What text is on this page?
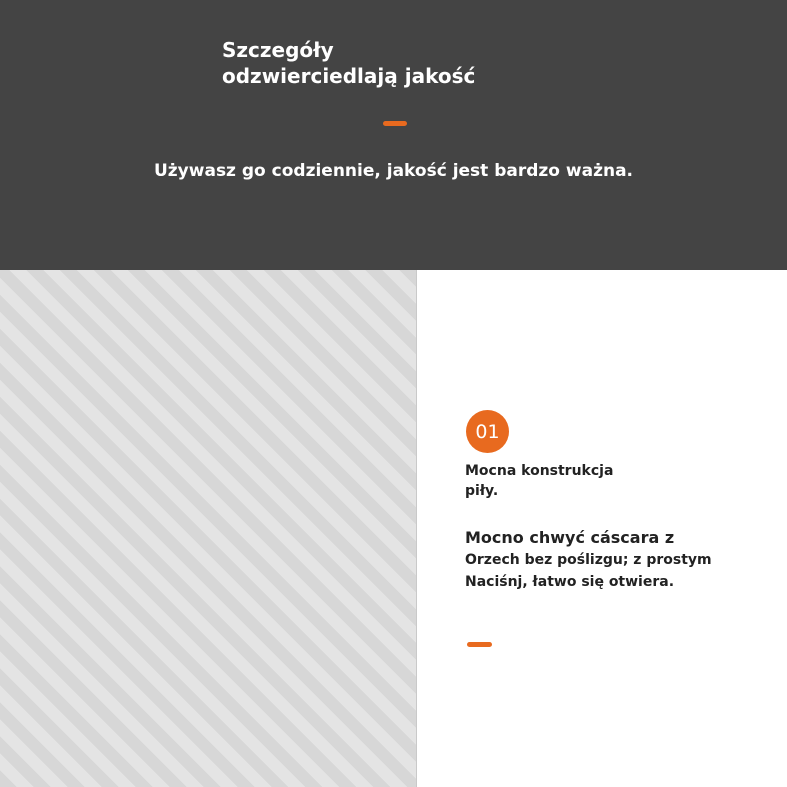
Szczegóły
odzwierciedlają jakość
Używasz go codziennie, jakość jest bardzo ważna.
01
Mocna konstrukcja
piły.
Mocno chwyć cáscara z
Orzech bez poślizgu; z prostym
Naciśnj, łatwo się otwiera.
